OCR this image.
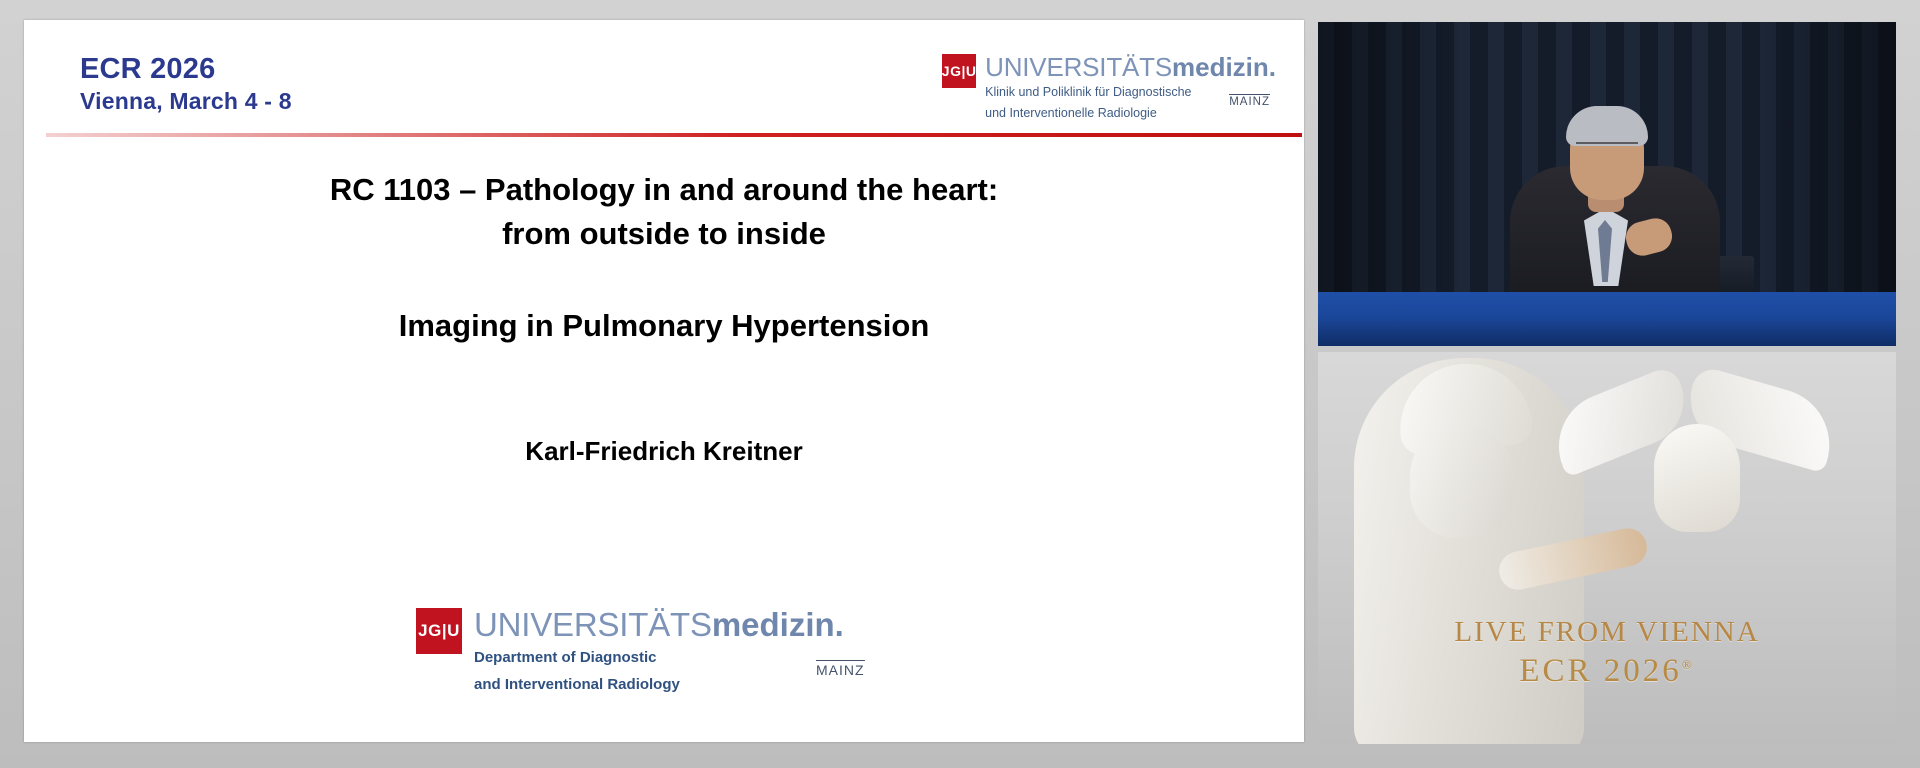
ECR 2026
Vienna, March 4 - 8
JG|U UNIVERSITÄTSmedizin.
Klinik und Poliklinik für Diagnostische
und Interventionelle Radiologie
MAINZ
RC 1103 – Pathology in and around the heart:
from outside to inside
Imaging in Pulmonary Hypertension

Karl-Friedrich Kreitner

JG|U UNIVERSITÄTSmedizin.
Department of Diagnostic
and Interventional Radiology
MAINZ
LIVE FROM VIENNA
ECR 2026®
